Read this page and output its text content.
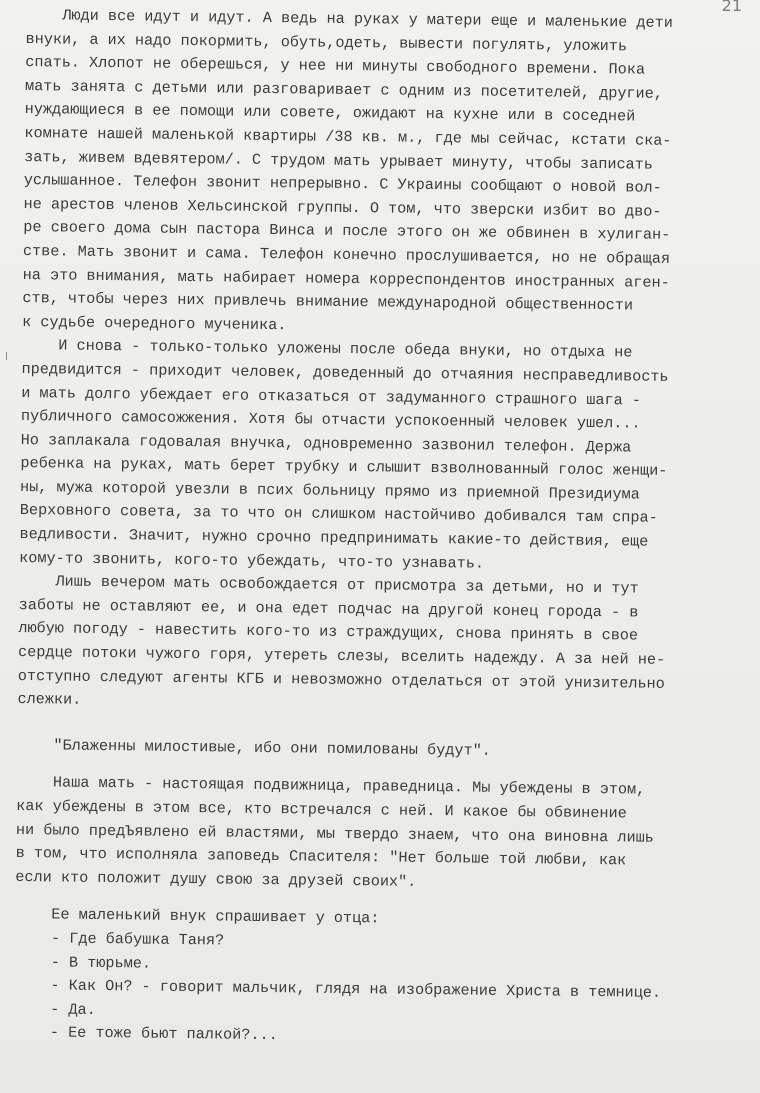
21
Люди все идут и идут. А ведь на руках у матери еще и маленькие дети
внуки, а их надо покормить, обуть,одеть, вывести погулять, уложить
спать. Хлопот не оберешься, у нее ни минуты свободного времени. Пока
мать занята с детьми или разговаривает с одним из посетителей, другие,
нуждающиеся в ее помощи или совете, ожидают на кухне или в соседней
комнате нашей маленькой квартиры /38 кв. м., где мы сейчас, кстати ска-
зать, живем вдевятером/. С трудом мать урывает минуту, чтобы записать
услышанное. Телефон звонит непрерывно. С Украины сообщают о новой вол-
не арестов членов Хельсинской группы. О том, что зверски избит во дво-
ре своего дома сын пастора Винса и после этого он же обвинен в хулиган-
стве. Мать звонит и сама. Телефон конечно прослушивается, но не обращая
на это внимания, мать набирает номера корреспондентов иностранных аген-
ств, чтобы через них привлечь внимание международной общественности
к судьбе очередного мученика.
И снова - только-только уложены после обеда внуки, но отдыха не
предвидится - приходит человек, доведенный до отчаяния несправедливость
и мать долго убеждает его отказаться от задуманного страшного шага -
публичного самосожжения. Хотя бы отчасти успокоенный человек ушел...
Но заплакала годовалая внучка, одновременно зазвонил телефон. Держа
ребенка на руках, мать берет трубку и слышит взволнованный голос женщи-
ны, мужа которой увезли в псих больницу прямо из приемной Президиума
Верховного совета, за то что он слишком настойчиво добивался там спра-
ведливости. Значит, нужно срочно предпринимать какие-то действия, еще
кому-то звонить, кого-то убеждать, что-то узнавать.
Лишь вечером мать освобождается от присмотра за детьми, но и тут
заботы не оставляют ее, и она едет подчас на другой конец города - в
любую погоду - навестить кого-то из страждущих, снова принять в свое
сердце потоки чужого горя, утереть слезы, вселить надежду. А за ней не-
отступно следуют агенты КГБ и невозможно отделаться от этой унизительно
слежки.
"Блаженны милостивые, ибо они помилованы будут".
Наша мать - настоящая подвижница, праведница. Мы убеждены в этом,
как убеждены в этом все, кто встречался с ней. И какое бы обвинение
ни было предЪявлено ей властями, мы твердо знаем, что она виновна лишь
в том, что исполняла заповедь Спасителя: "Нет больше той любви, как
если кто положит душу свою за друзей своих".
Ее маленький внук спрашивает у отца:
- Где бабушка Таня?
- В тюрьме.
- Как Он? - говорит мальчик, глядя на изображение Христа в темнице.
- Да.
- Ее тоже бьют палкой?...
